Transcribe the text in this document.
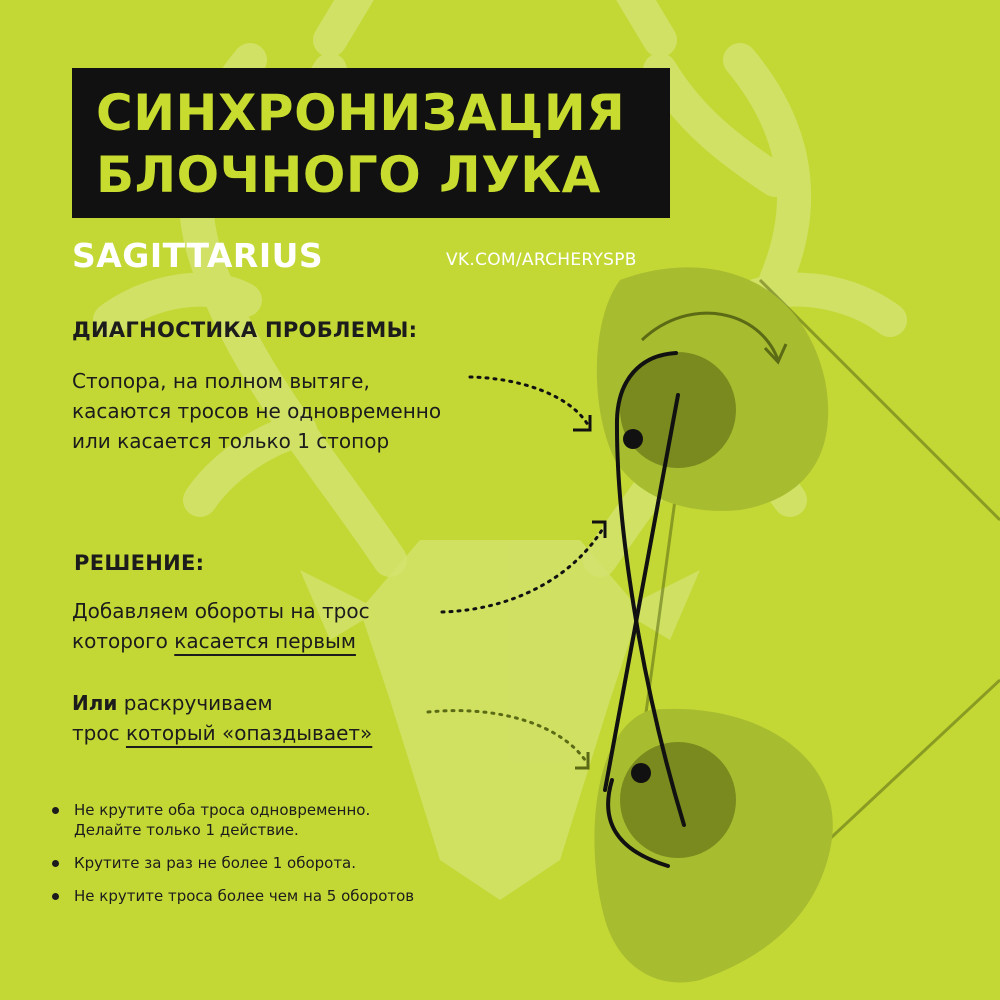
СИНХРОНИЗАЦИЯ
БЛОЧНОГО ЛУКА
SAGITTARIUS	VK.COM/ARCHERYSPB
ДИАГНОСТИКА ПРОБЛЕМЫ:
Стопора, на полном вытяге,
касаются тросов не одновременно
или касается только 1 стопор
РЕШЕНИЕ:
Добавляем обороты на трос
которого касается первым
Или раскручиваем
трос который «опаздывает»
Не крутите оба троса одновременно.
Делайте только 1 действие.
Крутите за раз не более 1 оборота.
Не крутите троса более чем на 5 оборотов
